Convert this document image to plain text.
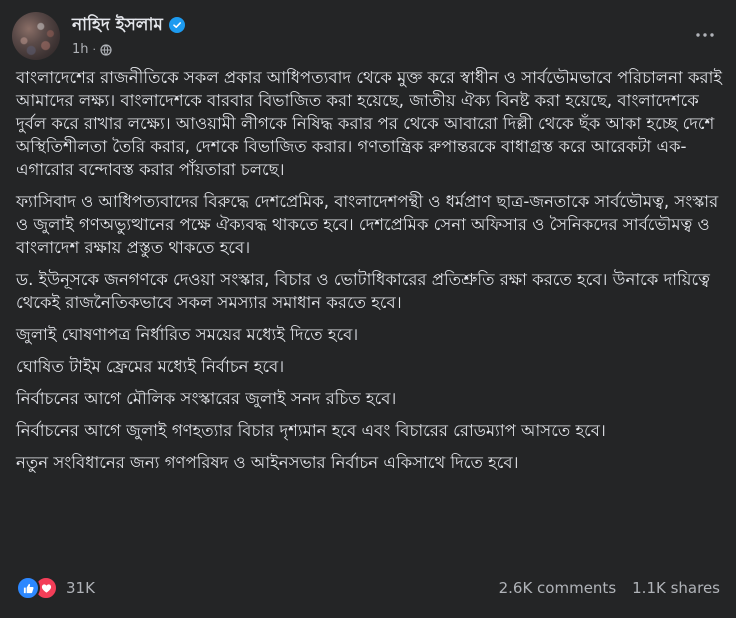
নাহিদ ইসলাম
1h ·

বাংলাদেশের রাজনীতিকে সকল প্রকার আধিপত্যবাদ থেকে মুক্ত করে স্বাধীন ও সার্বভৌমভাবে পরিচালনা করাই আমাদের লক্ষ্য। বাংলাদেশকে বারবার বিভাজিত করা হয়েছে, জাতীয় ঐক্য বিনষ্ট করা হয়েছে, বাংলাদেশকে দুর্বল করে রাখার লক্ষ্যে। আওয়ামী লীগকে নিষিদ্ধ করার পর থেকে আবারো দিল্লী থেকে ছঁক আকা হচ্ছে দেশে অস্থিতিশীলতা তৈরি করার, দেশকে বিভাজিত করার। গণতান্ত্রিক রুপান্তরকে বাধাগ্রস্ত করে আরেকটা এক-এগারোর বন্দোবস্ত করার পাঁয়তারা চলছে।

ফ্যাসিবাদ ও আধিপত্যবাদের বিরুদ্ধে দেশপ্রেমিক, বাংলাদেশপন্থী ও ধর্মপ্রাণ ছাত্র-জনতাকে সার্বভৌমত্ব, সংস্কার ও জুলাই গণঅভ্যুত্থানের পক্ষে ঐক্যবদ্ধ থাকতে হবে। দেশপ্রেমিক সেনা অফিসার ও সৈনিকদের সার্বভৌমত্ব ও বাংলাদেশ রক্ষায় প্রস্তুত থাকতে হবে।

ড. ইউনূসকে জনগণকে দেওয়া সংস্কার, বিচার ও ভোটাধিকারের প্রতিশ্রুতি রক্ষা করতে হবে। উনাকে দায়িত্বে থেকেই রাজনৈতিকভাবে সকল সমস্যার সমাধান করতে হবে।

জুলাই ঘোষণাপত্র নির্ধারিত সময়ের মধ্যেই দিতে হবে।

ঘোষিত টাইম ফ্রেমের মধ্যেই নির্বাচন হবে।

নির্বাচনের আগে মৌলিক সংস্কারের জুলাই সনদ রচিত হবে।

নির্বাচনের আগে জুলাই গণহত্যার বিচার দৃশ্যমান হবে এবং বিচারের রোডম্যাপ আসতে হবে।

নতুন সংবিধানের জন্য গণপরিষদ ও আইনসভার নির্বাচন একিসাথে দিতে হবে।

31K	2.6K comments 1.1K shares
